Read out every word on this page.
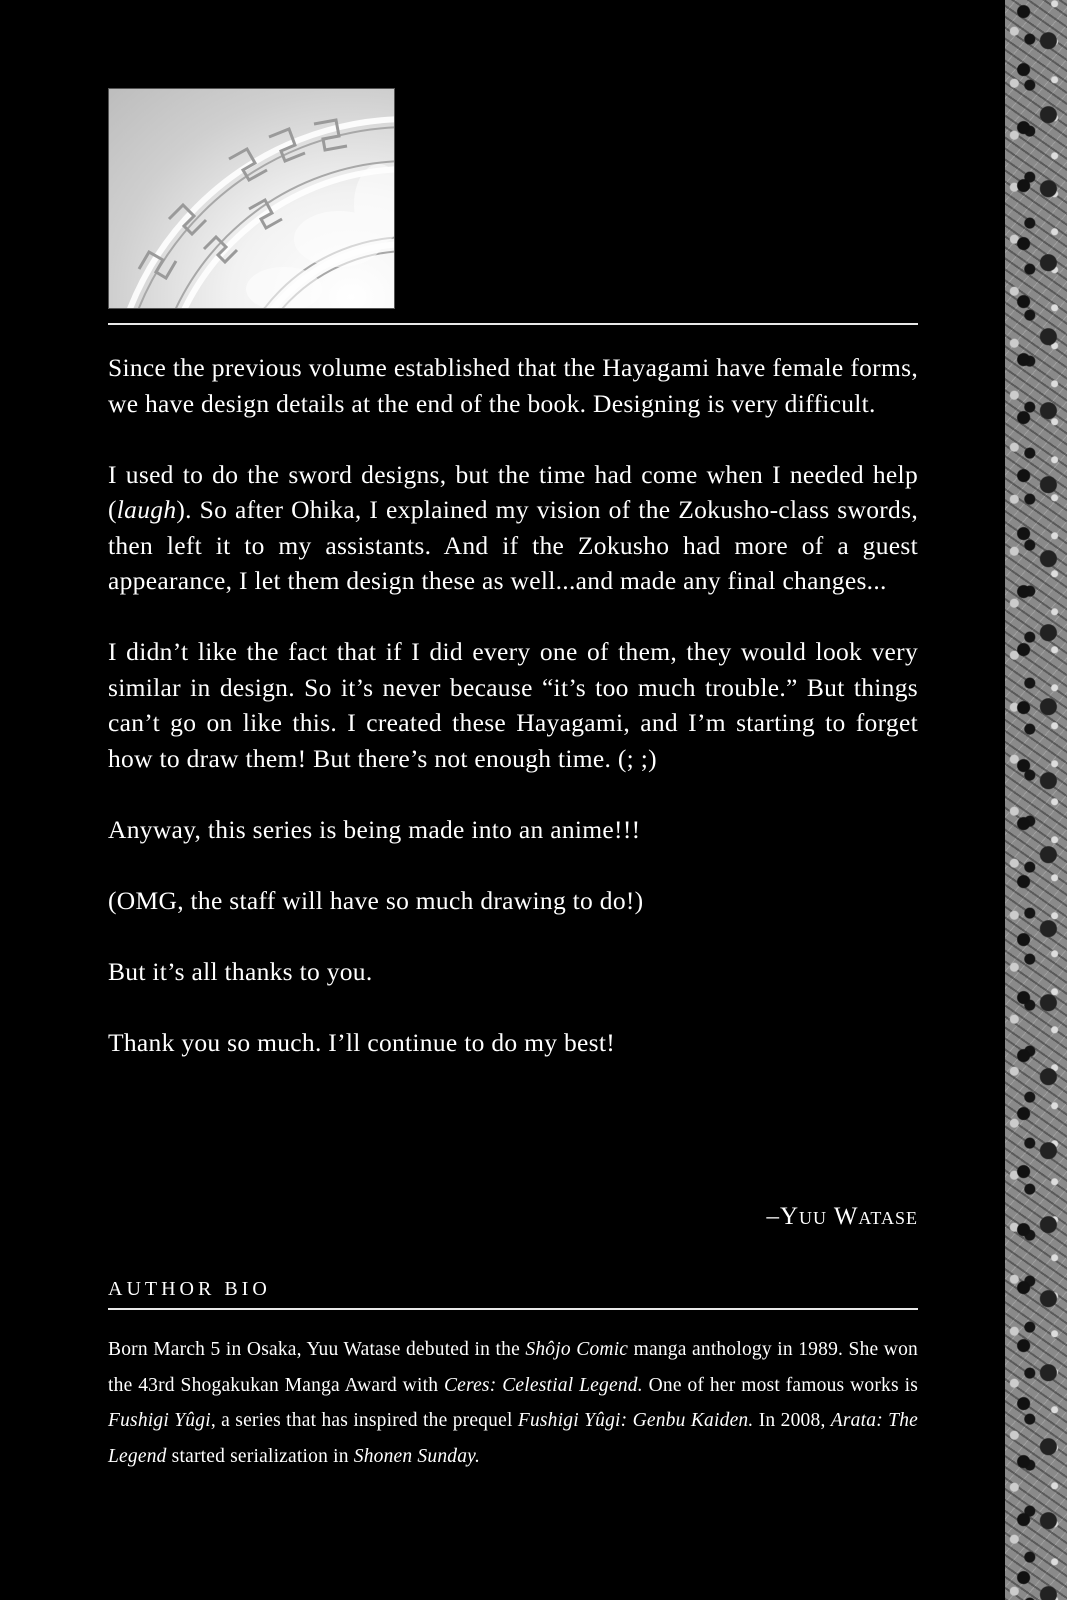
Since the previous volume established that the Hayagami have female forms, we have design details at the end of the book. Designing is very difficult.

I used to do the sword designs, but the time had come when I needed help (laugh). So after Ohika, I explained my vision of the Zokusho-class swords, then left it to my assistants. And if the Zokusho had more of a guest appearance, I let them design these as well...and made any final changes...

I didn’t like the fact that if I did every one of them, they would look very similar in design. So it’s never because “it’s too much trouble.” But things can’t go on like this. I created these Hayagami, and I’m starting to forget how to draw them! But there’s not enough time. (; ;)

Anyway, this series is being made into an anime!!!

(OMG, the staff will have so much drawing to do!)

But it’s all thanks to you.

Thank you so much. I’ll continue to do my best!

–Yuu Watase
AUTHOR BIO
Born March 5 in Osaka, Yuu Watase debuted in the Shôjo Comic manga anthology in 1989. She won the 43rd Shogakukan Manga Award with Ceres: Celestial Legend. One of her most famous works is Fushigi Yûgi, a series that has inspired the prequel Fushigi Yûgi: Genbu Kaiden. In 2008, Arata: The Legend started serialization in Shonen Sunday.
